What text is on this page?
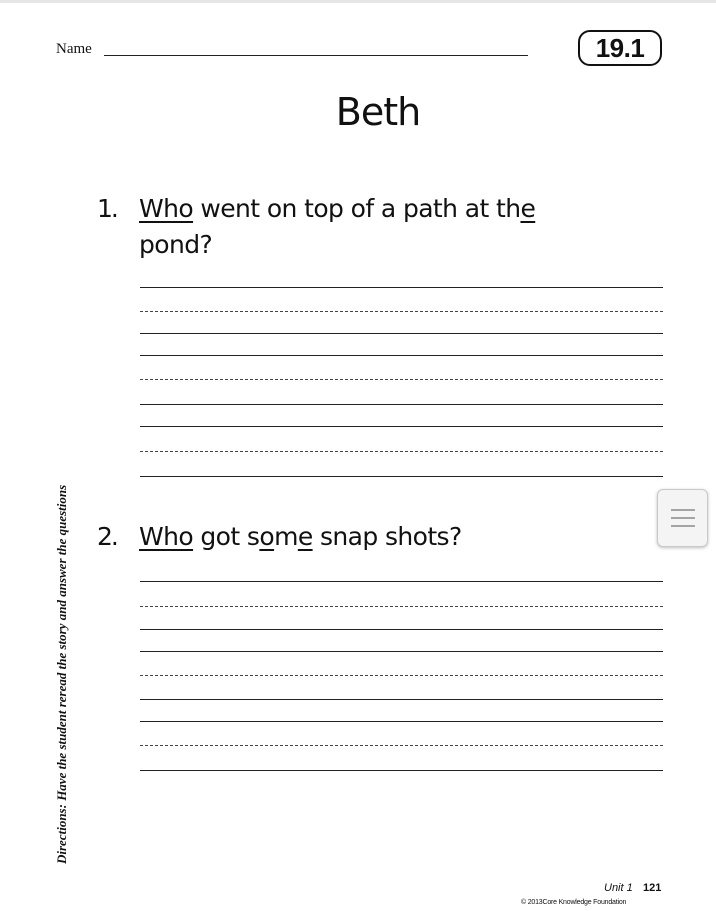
Name	19.1
Beth
1. Who went on top of a path at the
pond?
2. Who got some snap shots?
Directions: Have the student reread the story and answer the questions
Unit 1 121
© 2013Core Knowledge Foundation
